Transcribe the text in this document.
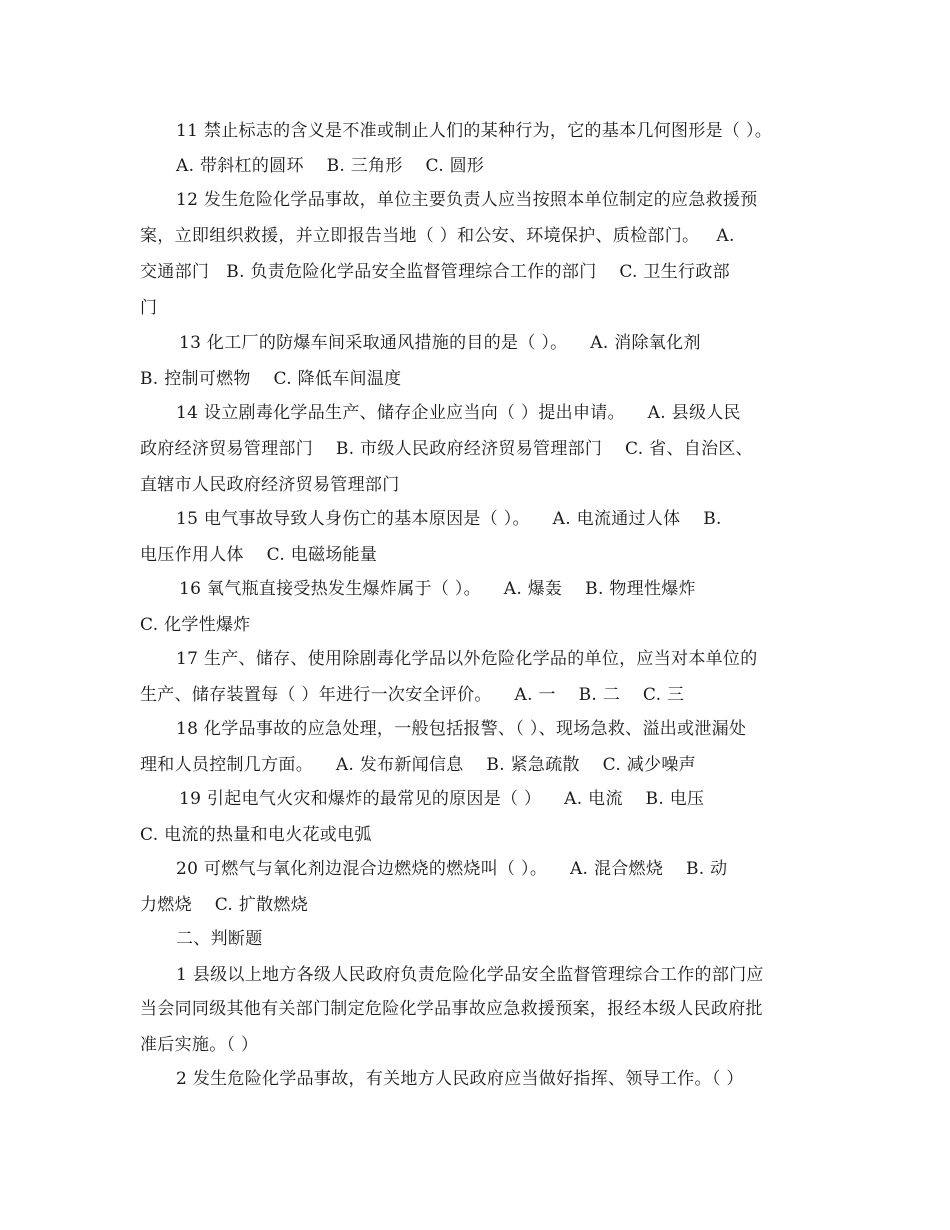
11 禁止标志的含义是不准或制止人们的某种行为，它的基本几何图形是（ ）。
A. 带斜杠的圆环    B. 三角形    C. 圆形
12 发生危险化学品事故，单位主要负责人应当按照本单位制定的应急救援预
案，立即组织救援，并立即报告当地（ ）和公安、环境保护、质检部门。   A.
交通部门   B. 负责危险化学品安全监督管理综合工作的部门    C. 卫生行政部
门
13 化工厂的防爆车间采取通风措施的目的是（ ）。    A. 消除氧化剂
B. 控制可燃物    C. 降低车间温度
14 设立剧毒化学品生产、储存企业应当向（ ）提出申请。    A. 县级人民
政府经济贸易管理部门    B. 市级人民政府经济贸易管理部门    C. 省、自治区、
直辖市人民政府经济贸易管理部门
15 电气事故导致人身伤亡的基本原因是（ ）。    A. 电流通过人体    B.
电压作用人体    C. 电磁场能量
16 氧气瓶直接受热发生爆炸属于（ ）。    A. 爆轰    B. 物理性爆炸
C. 化学性爆炸
17 生产、储存、使用除剧毒化学品以外危险化学品的单位，应当对本单位的
生产、储存装置每（ ）年进行一次安全评价。    A. 一    B. 二    C. 三
18 化学品事故的应急处理，一般包括报警、（ ）、现场急救、溢出或泄漏处
理和人员控制几方面。    A. 发布新闻信息    B. 紧急疏散    C. 减少噪声
19 引起电气火灾和爆炸的最常见的原因是（ ）    A. 电流    B. 电压
C. 电流的热量和电火花或电弧
20 可燃气与氧化剂边混合边燃烧的燃烧叫（ ）。    A. 混合燃烧    B. 动
力燃烧    C. 扩散燃烧
二、判断题
1 县级以上地方各级人民政府负责危险化学品安全监督管理综合工作的部门应
当会同同级其他有关部门制定危险化学品事故应急救援预案，报经本级人民政府批
准后实施。（ ）
2 发生危险化学品事故，有关地方人民政府应当做好指挥、领导工作。（ ）
